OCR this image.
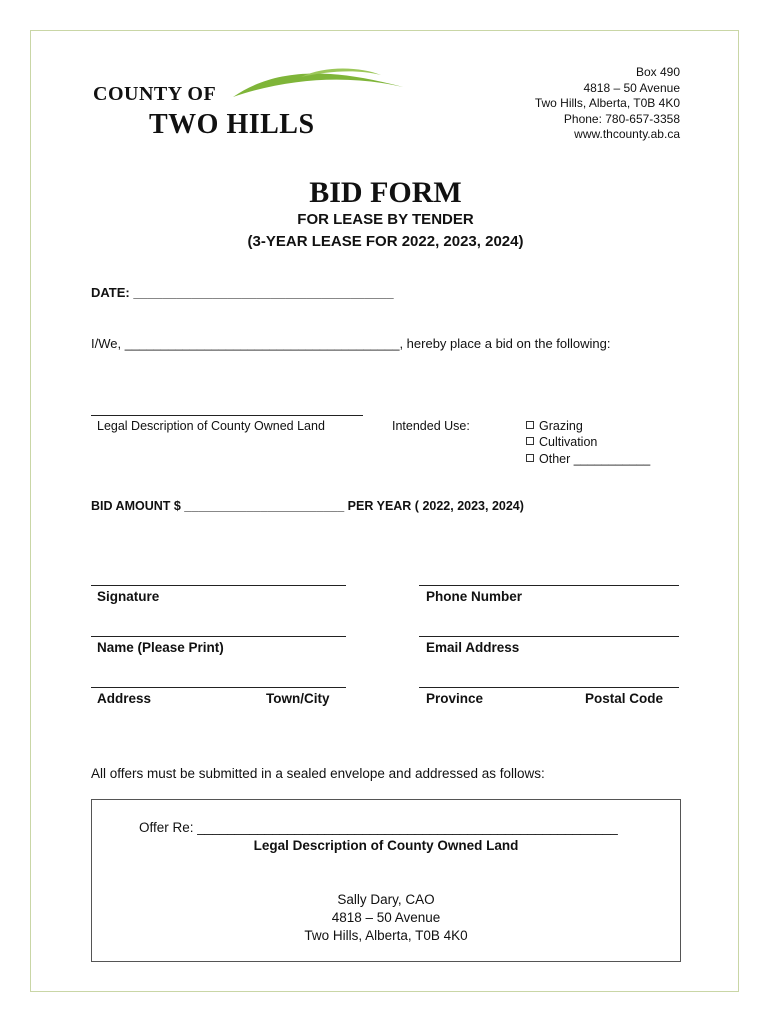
COUNTY OF
TWO HILLS
Box 490
4818 – 50 Avenue
Two Hills, Alberta, T0B 4K0
Phone: 780-657-3358
www.thcounty.ab.ca
BID FORM
FOR LEASE BY TENDER
(3-YEAR LEASE FOR 2022, 2023, 2024)
DATE: ____________________________________
I/We, ______________________________________, hereby place a bid on the following:
Legal Description of County Owned Land	Intended Use:	Grazing
Cultivation
Other ___________
BID AMOUNT $ _______________________ PER YEAR ( 2022, 2023, 2024)
Signature	Phone Number
Name (Please Print)	Email Address
Address	Town/City	Province	Postal Code
All offers must be submitted in a sealed envelope and addressed as follows:
Offer Re: ________________________________________________________
Legal Description of County Owned Land
Sally Dary, CAO
4818 – 50 Avenue
Two Hills, Alberta, T0B 4K0
